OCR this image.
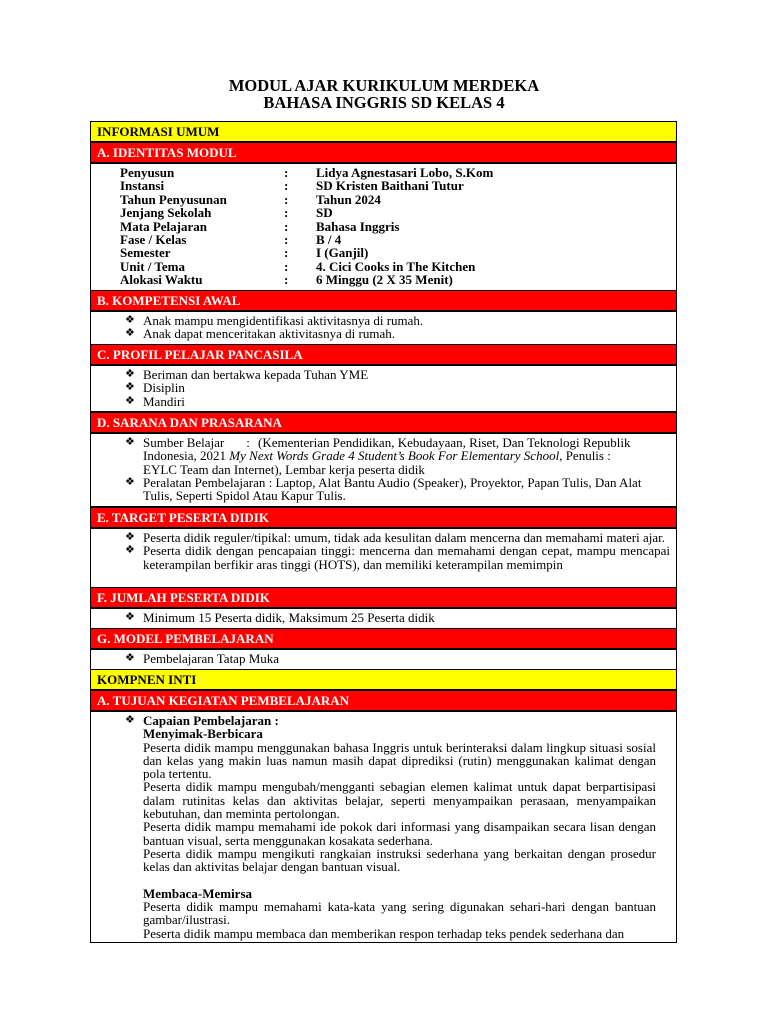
MODUL AJAR KURIKULUM MERDEKA
BAHASA INGGRIS SD KELAS 4
INFORMASI UMUM
A. IDENTITAS MODUL
Penyusun	:	Lidya Agnestasari Lobo, S.Kom
Instansi	:	SD Kristen Baithani Tutur
Tahun Penyusunan	:	Tahun 2024
Jenjang Sekolah	:	SD
Mata Pelajaran	:	Bahasa Inggris
Fase / Kelas	:	B / 4
Semester	:	I (Ganjil)
Unit / Tema	:	4. Cici Cooks in The Kitchen
Alokasi Waktu	:	6 Minggu (2 X 35 Menit)
B. KOMPETENSI AWAL
❖ Anak mampu mengidentifikasi aktivitasnya di rumah.
❖ Anak dapat menceritakan aktivitasnya di rumah.
C. PROFIL PELAJAR PANCASILA
❖ Beriman dan bertakwa kepada Tuhan YME
❖ Disiplin
❖ Mandiri
D. SARANA DAN PRASARANA
❖ Sumber Belajar : (Kementerian Pendidikan, Kebudayaan, Riset, Dan Teknologi Republik
Indonesia, 2021 My Next Words Grade 4 Student’s Book For Elementary School, Penulis :
EYLC Team dan Internet), Lembar kerja peserta didik
❖ Peralatan Pembelajaran : Laptop, Alat Bantu Audio (Speaker), Proyektor, Papan Tulis, Dan Alat Tulis, Seperti Spidol Atau Kapur Tulis.
E. TARGET PESERTA DIDIK
❖ Peserta didik reguler/tipikal: umum, tidak ada kesulitan dalam mencerna dan memahami materi ajar.
❖ Peserta didik dengan pencapaian tinggi: mencerna dan memahami dengan cepat, mampu mencapai keterampilan berfikir aras tinggi (HOTS), dan memiliki keterampilan memimpin
F. JUMLAH PESERTA DIDIK
❖ Minimum 15 Peserta didik, Maksimum 25 Peserta didik
G. MODEL PEMBELAJARAN
❖ Pembelajaran Tatap Muka
KOMPNEN INTI
A. TUJUAN KEGIATAN PEMBELAJARAN

❖ Capaian Pembelajaran :

Menyimak-Berbicara

Peserta didik mampu menggunakan bahasa Inggris untuk berinteraksi dalam lingkup situasi sosial dan kelas yang makin luas namun masih dapat diprediksi (rutin) menggunakan kalimat dengan pola tertentu.

Peserta didik mampu mengubah/mengganti sebagian elemen kalimat untuk dapat berpartisipasi dalam rutinitas kelas dan aktivitas belajar, seperti menyampaikan perasaan, menyampaikan kebutuhan, dan meminta pertolongan.

Peserta didik mampu memahami ide pokok dari informasi yang disampaikan secara lisan dengan bantuan visual, serta menggunakan kosakata sederhana.

Peserta didik mampu mengikuti rangkaian instruksi sederhana yang berkaitan dengan prosedur kelas dan aktivitas belajar dengan bantuan visual.

Membaca-Memirsa

Peserta didik mampu memahami kata-kata yang sering digunakan sehari-hari dengan bantuan gambar/ilustrasi.

Peserta didik mampu membaca dan memberikan respon terhadap teks pendek sederhana dan
